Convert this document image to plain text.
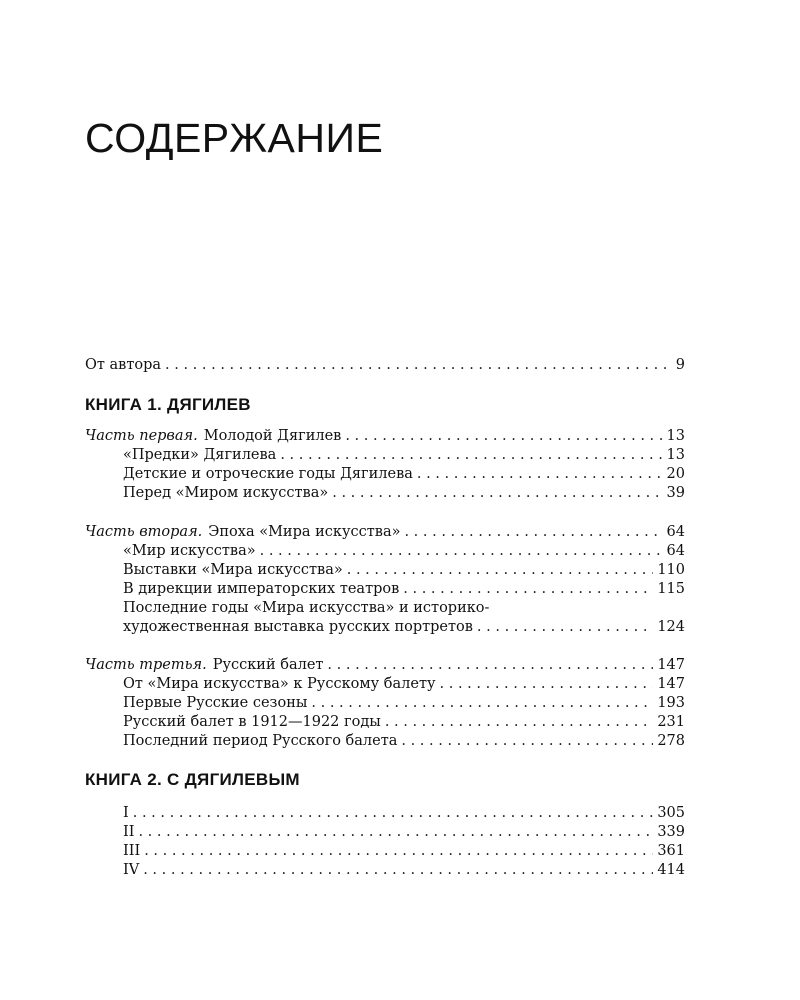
СОДЕРЖАНИЕ
От автора . . .	9
КНИГА 1. ДЯГИЛЕВ
Часть первая. Молодой Дягилев . . .	13
«Предки» Дягилева . . .	13
Детские и отроческие годы Дягилева . . .	20
Перед «Миром искусства» . . .	39
Часть вторая. Эпоха «Мира искусства» . . .	64
«Мир искусства» . . .	64
Выставки «Мира искусства» . . .	110
В дирекции императорских театров . . .	115
Последние годы «Мира искусства» и историко-
художественная выставка русских портретов . . .	124
Часть третья. Русский балет . . .	147
От «Мира искусства» к Русскому балету . . .	147
Первые Русские сезоны . . .	193
Русский балет в 1912—1922 годы . . .	231
Последний период Русского балета . . .	278
КНИГА 2. С ДЯГИЛЕВЫМ
I . . .	305
II . . .	339
III . . .	361
IV . . .	414
